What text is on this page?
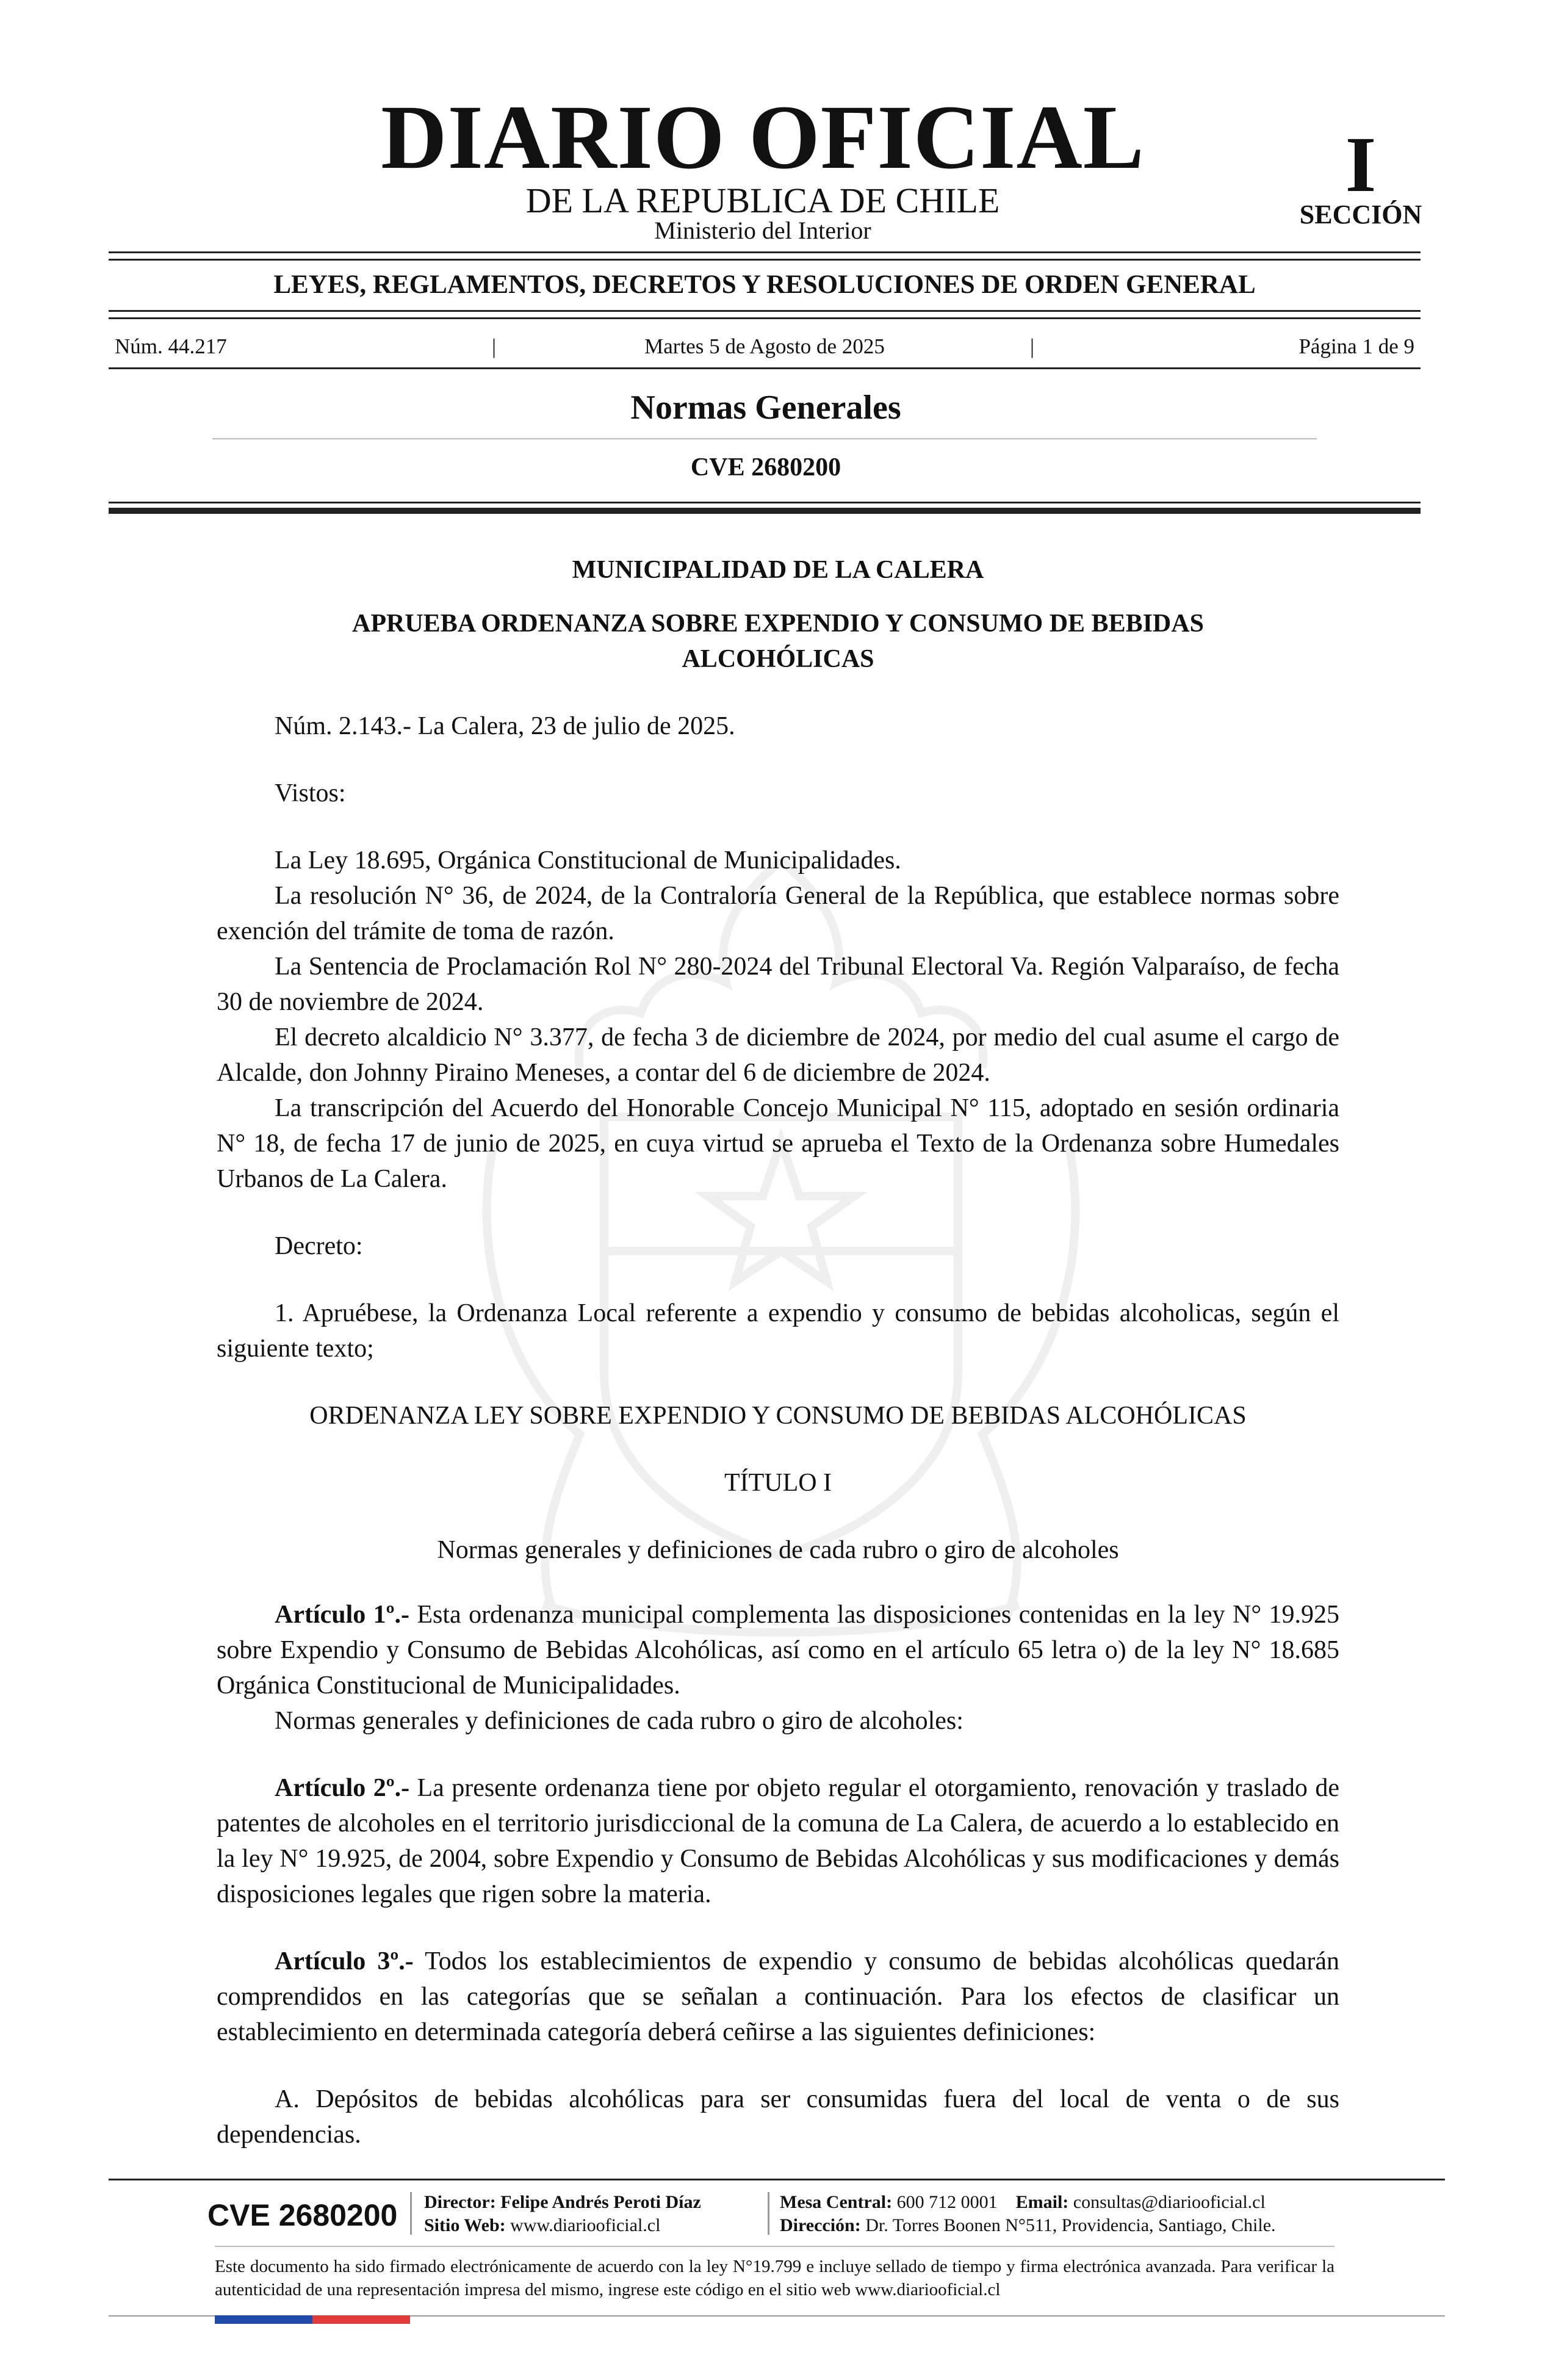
DIARIO OFICIAL
DE LA REPUBLICA DE CHILE
Ministerio del Interior
I
SECCIÓN
LEYES, REGLAMENTOS, DECRETOS Y RESOLUCIONES DE ORDEN GENERAL
Núm. 44.217	|	Martes 5 de Agosto de 2025	|	Página 1 de 9
Normas Generales
CVE 2680200

MUNICIPALIDAD DE LA CALERA

APRUEBA ORDENANZA SOBRE EXPENDIO Y CONSUMO DE BEBIDAS ALCOHÓLICAS

Núm. 2.143.- La Calera, 23 de julio de 2025.

Vistos:

La Ley 18.695, Orgánica Constitucional de Municipalidades.

La resolución N° 36, de 2024, de la Contraloría General de la República, que establece normas sobre exención del trámite de toma de razón.

La Sentencia de Proclamación Rol N° 280-2024 del Tribunal Electoral Va. Región Valparaíso, de fecha 30 de noviembre de 2024.

El decreto alcaldicio N° 3.377, de fecha 3 de diciembre de 2024, por medio del cual asume el cargo de Alcalde, don Johnny Piraino Meneses, a contar del 6 de diciembre de 2024.

La transcripción del Acuerdo del Honorable Concejo Municipal N° 115, adoptado en sesión ordinaria N° 18, de fecha 17 de junio de 2025, en cuya virtud se aprueba el Texto de la Ordenanza sobre Humedales Urbanos de La Calera.

Decreto:

1. Apruébese, la Ordenanza Local referente a expendio y consumo de bebidas alcoholicas, según el siguiente texto;

ORDENANZA LEY SOBRE EXPENDIO Y CONSUMO DE BEBIDAS ALCOHÓLICAS

TÍTULO I

Normas generales y definiciones de cada rubro o giro de alcoholes

Artículo 1º.- Esta ordenanza municipal complementa las disposiciones contenidas en la ley N° 19.925 sobre Expendio y Consumo de Bebidas Alcohólicas, así como en el artículo 65 letra o) de la ley N° 18.685 Orgánica Constitucional de Municipalidades.

Normas generales y definiciones de cada rubro o giro de alcoholes:

Artículo 2º.- La presente ordenanza tiene por objeto regular el otorgamiento, renovación y traslado de patentes de alcoholes en el territorio jurisdiccional de la comuna de La Calera, de acuerdo a lo establecido en la ley N° 19.925, de 2004, sobre Expendio y Consumo de Bebidas Alcohólicas y sus modificaciones y demás disposiciones legales que rigen sobre la materia.

Artículo 3º.- Todos los establecimientos de expendio y consumo de bebidas alcohólicas quedarán comprendidos en las categorías que se señalan a continuación. Para los efectos de clasificar un establecimiento en determinada categoría deberá ceñirse a las siguientes definiciones:

A. Depósitos de bebidas alcohólicas para ser consumidas fuera del local de venta o de sus dependencias.

CVE 2680200 Director: Felipe Andrés Peroti Díaz
Sitio Web: www.diariooficial.cl
Mesa Central: 600 712 0001 Email: consultas@diariooficial.cl
Dirección: Dr. Torres Boonen N°511, Providencia, Santiago, Chile.
Este documento ha sido firmado electrónicamente de acuerdo con la ley N°19.799 e incluye sellado de tiempo y firma electrónica avanzada. Para verificar la autenticidad de una representación impresa del mismo, ingrese este código en el sitio web www.diariooficial.cl
